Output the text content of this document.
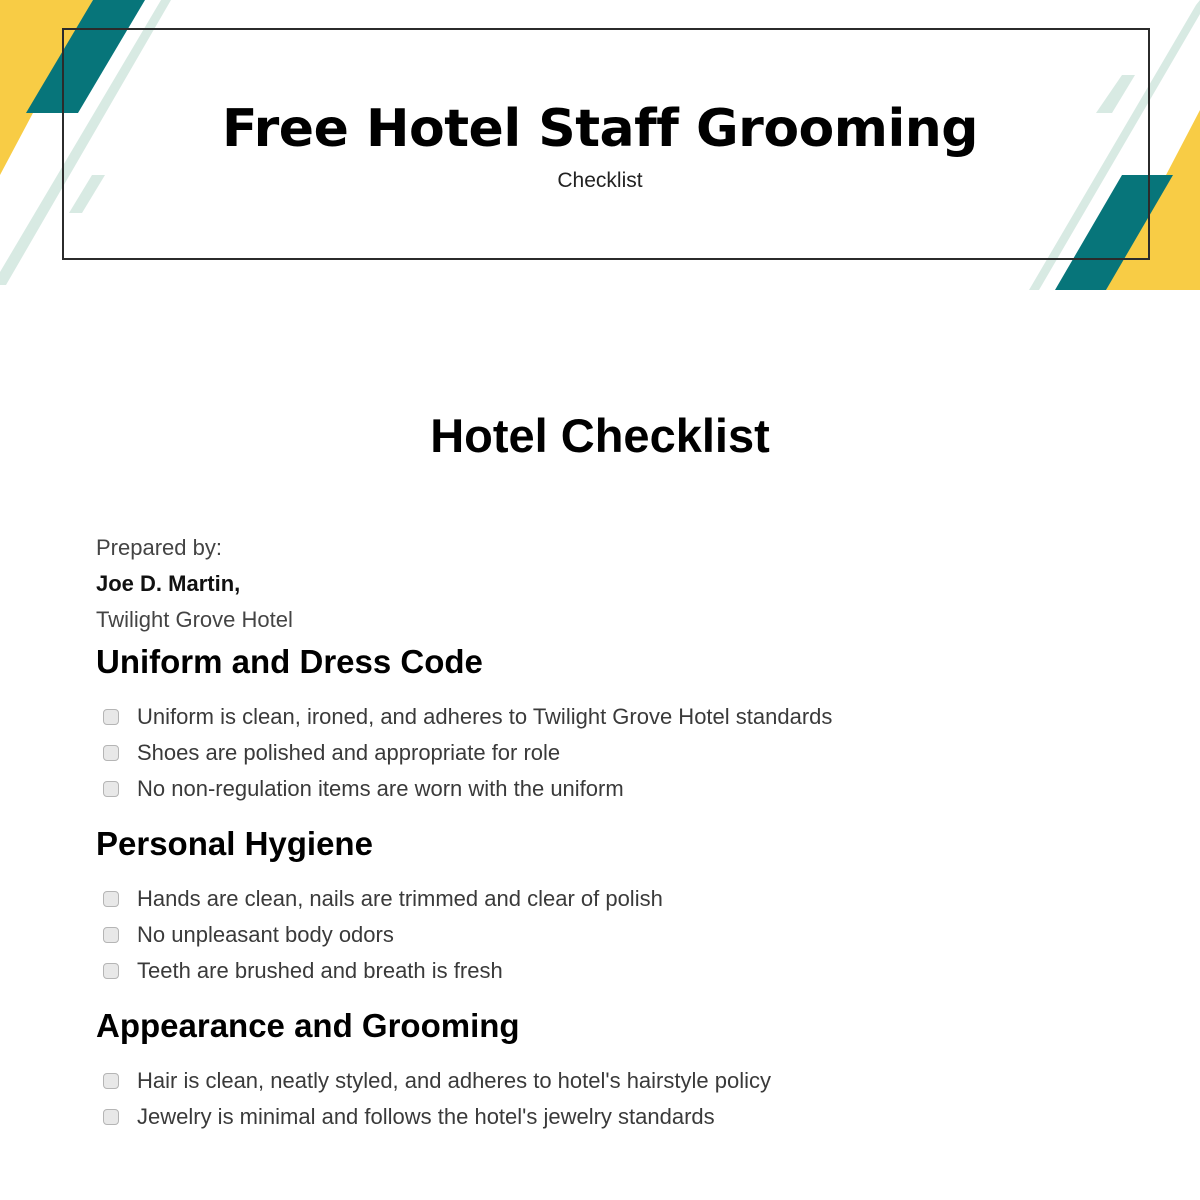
Free Hotel Staff Grooming
Checklist
Hotel Checklist
Prepared by:
Joe D. Martin,
Twilight Grove Hotel
Uniform and Dress Code
Uniform is clean, ironed, and adheres to Twilight Grove Hotel standards
Shoes are polished and appropriate for role
No non-regulation items are worn with the uniform
Personal Hygiene
Hands are clean, nails are trimmed and clear of polish
No unpleasant body odors
Teeth are brushed and breath is fresh
Appearance and Grooming
Hair is clean, neatly styled, and adheres to hotel's hairstyle policy
Jewelry is minimal and follows the hotel's jewelry standards
